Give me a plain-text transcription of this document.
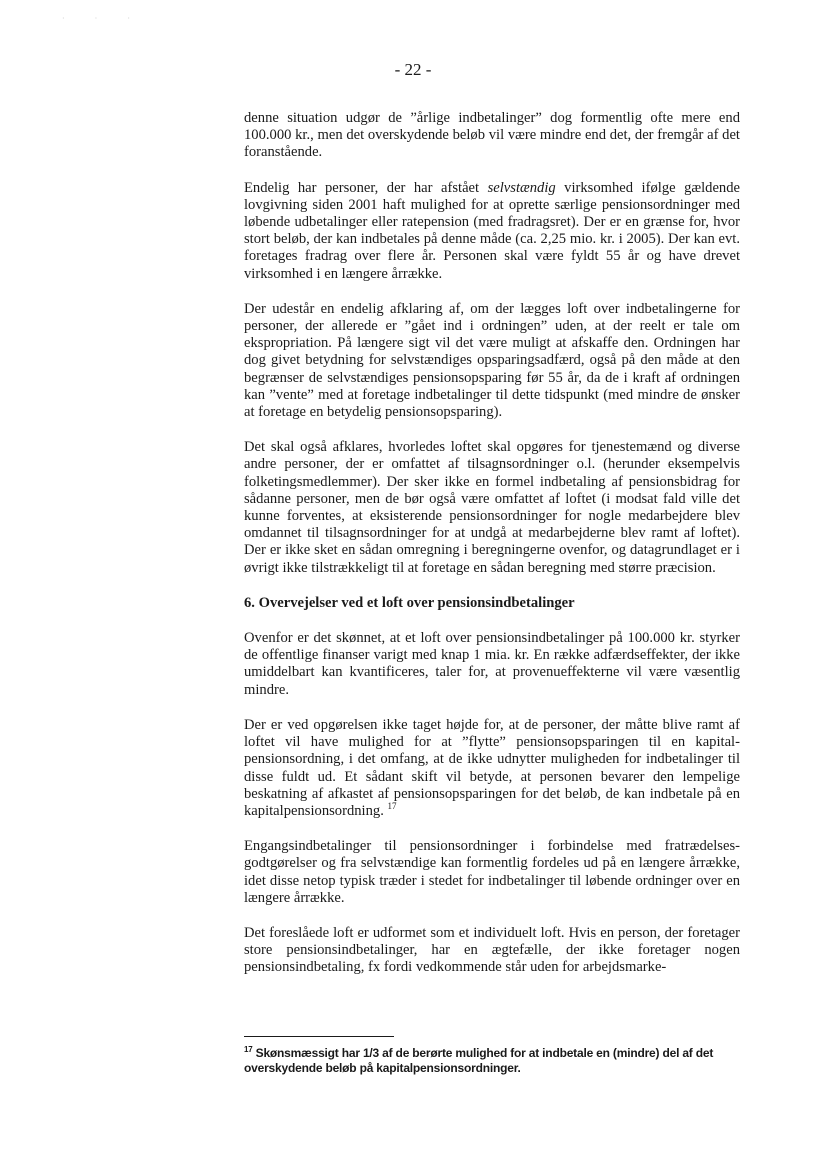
· · ·
- 22 -

denne situation udgør de ”årlige indbetalinger” dog formentlig ofte mere end 100.000 kr., men det overskydende beløb vil være mindre end det, der fremgår af det foranstående.

Endelig har personer, der har afstået selvstændig virksomhed ifølge gældende lovgivning siden 2001 haft mulighed for at oprette særlige pensionsordninger med løbende udbetalinger eller ratepension (med fradragsret). Der er en grænse for, hvor stort beløb, der kan indbetales på denne måde (ca. 2,25 mio. kr. i 2005). Der kan evt. foretages fradrag over flere år. Personen skal være fyldt 55 år og have drevet virksomhed i en længere årrække.

Der udestår en endelig afklaring af, om der lægges loft over indbetalingerne for personer, der allerede er ”gået ind i ordningen” uden, at der reelt er tale om ekspropriation. På længere sigt vil det være muligt at afskaffe den. Ordningen har dog givet betydning for selvstændiges opsparingsadfærd, også på den måde at den begrænser de selvstændiges pensionsopsparing før 55 år, da de i kraft af ordningen kan ”vente” med at foretage indbetalinger til dette tidspunkt (med mindre de ønsker at foretage en betydelig pensionsopsparing).

Det skal også afklares, hvorledes loftet skal opgøres for tjenestemænd og diverse andre personer, der er omfattet af tilsagnsordninger o.l. (herunder eksempelvis folketingsmedlemmer). Der sker ikke en formel indbetaling af pensionsbidrag for sådanne personer, men de bør også være omfattet af loftet (i modsat fald ville det kunne forventes, at eksisterende pensionsordninger for nogle medarbejdere blev omdannet til tilsagnsordninger for at undgå at medarbejderne blev ramt af loftet). Der er ikke sket en sådan omregning i beregningerne ovenfor, og datagrundlaget er i øvrigt ikke tilstrækkeligt til at foretage en sådan beregning med større præcision.

6. Overvejelser ved et loft over pensionsindbetalinger

Ovenfor er det skønnet, at et loft over pensionsindbetalinger på 100.000 kr. styrker de offentlige finanser varigt med knap 1 mia. kr. En række adfærdseffekter, der ikke umiddelbart kan kvantificeres, taler for, at provenueffekterne vil være væsentlig mindre.

Der er ved opgørelsen ikke taget højde for, at de personer, der måtte blive ramt af loftet vil have mulighed for at ”flytte” pensionsopsparingen til en kapitalpensionsordning, i det omfang, at de ikke udnytter muligheden for indbetalinger til disse fuldt ud. Et sådant skift vil betyde, at personen bevarer den lempelige beskatning af afkastet af pensionsopsparingen for det beløb, de kan indbetale på en kapitalpensionsordning. $^{17}$

Engangsindbetalinger til pensionsordninger i forbindelse med fratrædelsesgodtgørelser og fra selvstændige kan formentlig fordeles ud på en længere årrække, idet disse netop typisk træder i stedet for indbetalinger til løbende ordninger over en længere årrække.

Det foreslåede loft er udformet som et individuelt loft. Hvis en person, der foretager store pensionsindbetalinger, har en ægtefælle, der ikke foretager nogen pensionsindbetaling, fx fordi vedkommende står uden for arbejdsmarke-

$^{17}$ Skønsmæssigt har 1/3 af de berørte mulighed for at indbetale en (mindre) del af det overskydende beløb på kapitalpensionsordninger.
